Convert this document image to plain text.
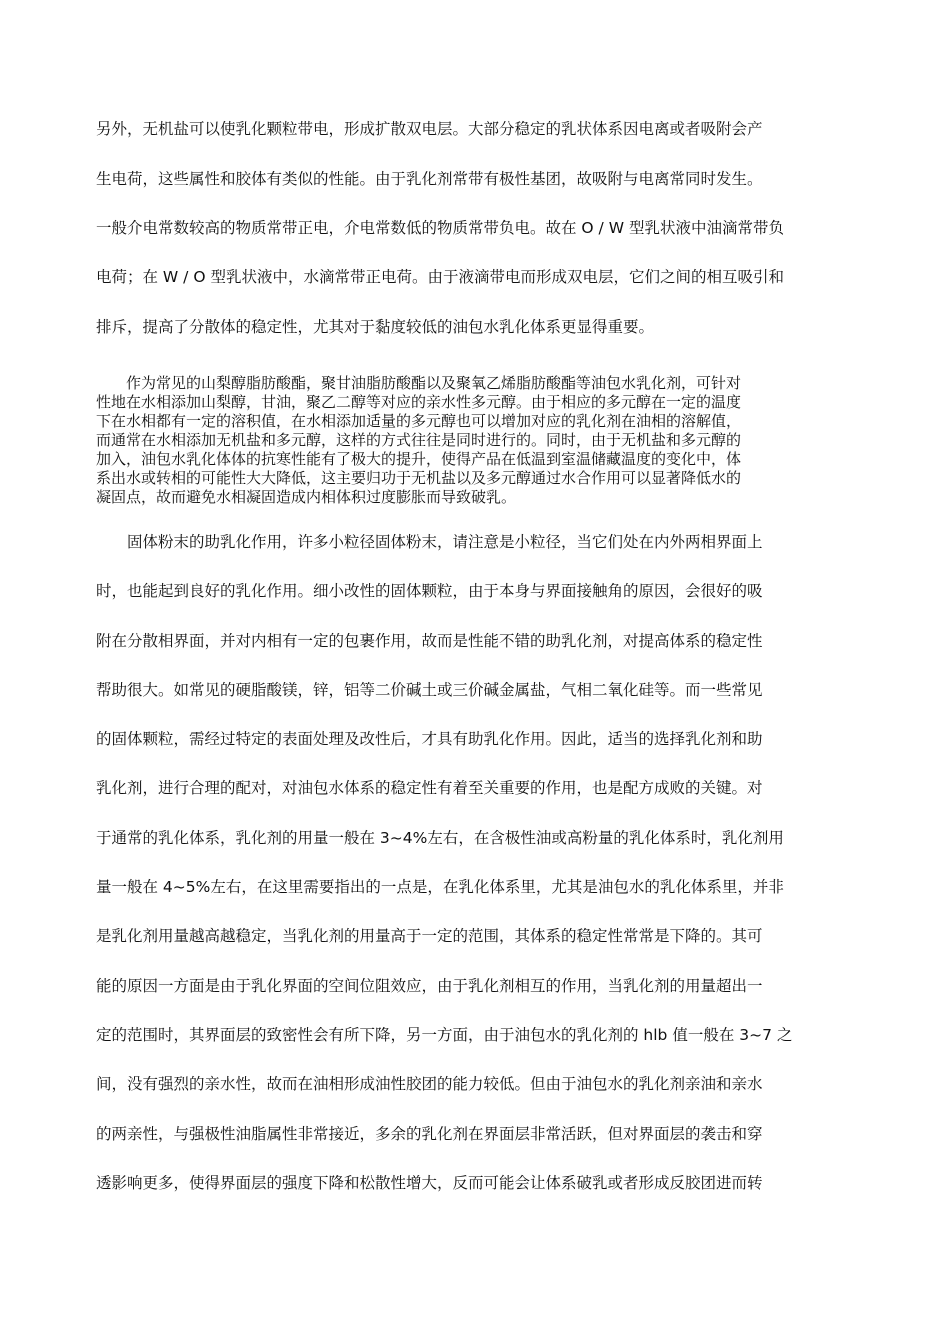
另外，无机盐可以使乳化颗粒带电，形成扩散双电层。大部分稳定的乳状体系因电离或者吸附会产
生电荷，这些属性和胶体有类似的性能。由于乳化剂常带有极性基团，故吸附与电离常同时发生。
一般介电常数较高的物质常带正电，介电常数低的物质常带负电。故在 O / W 型乳状液中油滴常带负
电荷；在 W / O 型乳状液中，水滴常带正电荷。由于液滴带电而形成双电层，它们之间的相互吸引和
排斥，提高了分散体的稳定性，尤其对于黏度较低的油包水乳化体系更显得重要。
　　作为常见的山梨醇脂肪酸酯，聚甘油脂肪酸酯以及聚氧乙烯脂肪酸酯等油包水乳化剂，可针对
性地在水相添加山梨醇，甘油，聚乙二醇等对应的亲水性多元醇。由于相应的多元醇在一定的温度
下在水相都有一定的溶积值，在水相添加适量的多元醇也可以增加对应的乳化剂在油相的溶解值，
而通常在水相添加无机盐和多元醇，这样的方式往往是同时进行的。同时，由于无机盐和多元醇的
加入，油包水乳化体体的抗寒性能有了极大的提升，使得产品在低温到室温储藏温度的变化中，体
系出水或转相的可能性大大降低，这主要归功于无机盐以及多元醇通过水合作用可以显著降低水的
凝固点，故而避免水相凝固造成内相体积过度膨胀而导致破乳。
　　固体粉末的助乳化作用，许多小粒径固体粉末，请注意是小粒径，当它们处在内外两相界面上
时，也能起到良好的乳化作用。细小改性的固体颗粒，由于本身与界面接触角的原因，会很好的吸
附在分散相界面，并对内相有一定的包裹作用，故而是性能不错的助乳化剂，对提高体系的稳定性
帮助很大。如常见的硬脂酸镁，锌，铝等二价碱土或三价碱金属盐，气相二氧化硅等。而一些常见
的固体颗粒，需经过特定的表面处理及改性后，才具有助乳化作用。因此，适当的选择乳化剂和助
乳化剂，进行合理的配对，对油包水体系的稳定性有着至关重要的作用，也是配方成败的关键。对
于通常的乳化体系，乳化剂的用量一般在 3~4%左右，在含极性油或高粉量的乳化体系时，乳化剂用
量一般在 4~5%左右，在这里需要指出的一点是，在乳化体系里，尤其是油包水的乳化体系里，并非
是乳化剂用量越高越稳定，当乳化剂的用量高于一定的范围，其体系的稳定性常常是下降的。其可
能的原因一方面是由于乳化界面的空间位阻效应，由于乳化剂相互的作用，当乳化剂的用量超出一
定的范围时，其界面层的致密性会有所下降，另一方面，由于油包水的乳化剂的 hlb 值一般在 3~7 之
间，没有强烈的亲水性，故而在油相形成油性胶团的能力较低。但由于油包水的乳化剂亲油和亲水
的两亲性，与强极性油脂属性非常接近，多余的乳化剂在界面层非常活跃，但对界面层的袭击和穿
透影响更多，使得界面层的强度下降和松散性增大，反而可能会让体系破乳或者形成反胶团进而转
